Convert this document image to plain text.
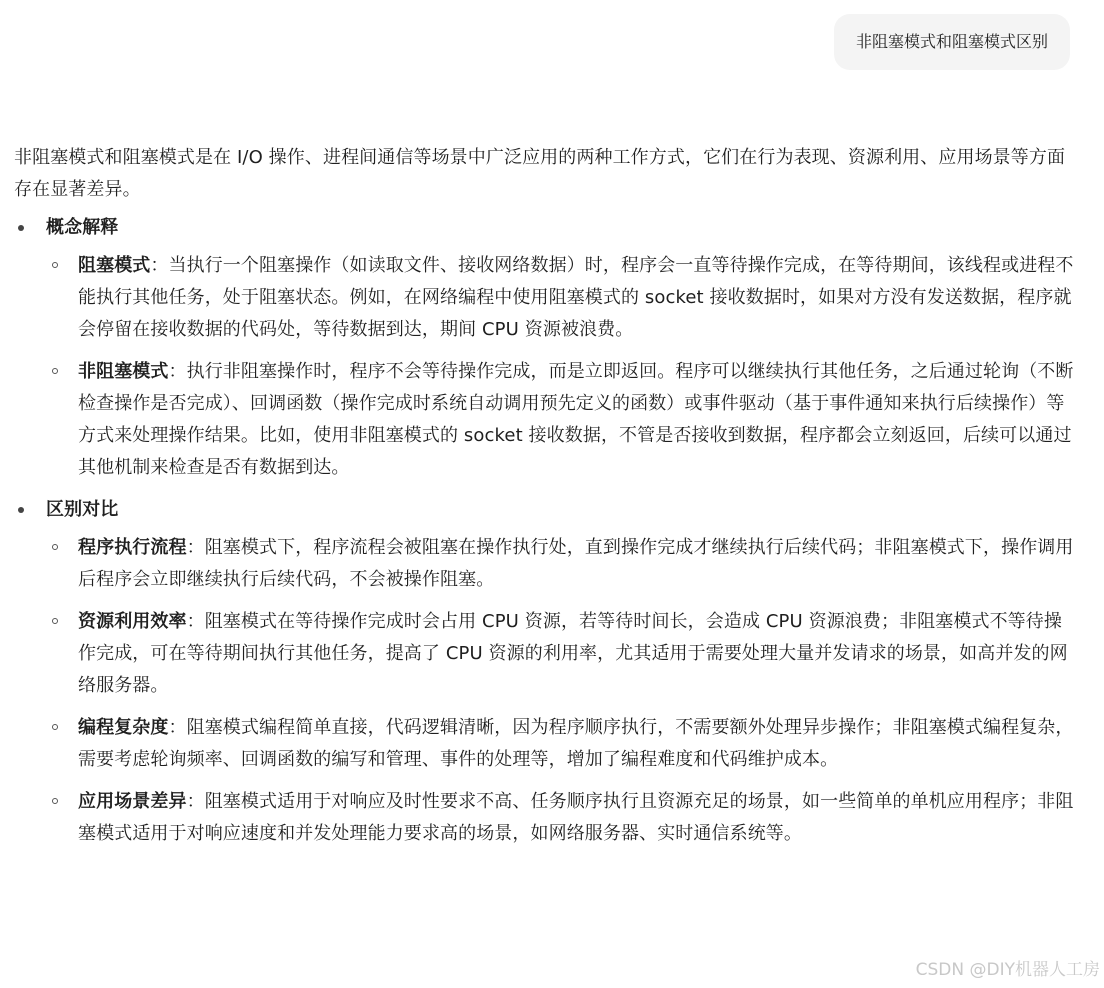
非阻塞模式和阻塞模式区别

非阻塞模式和阻塞模式是在 I/O 操作、进程间通信等场景中广泛应用的两种工作方式，它们在行为表现、资源利用、应用场景等方面存在显著差异。

概念解释
阻塞模式：当执行一个阻塞操作（如读取文件、接收网络数据）时，程序会一直等待操作完成，在等待期间，该线程或进程不能执行其他任务，处于阻塞状态。例如，在网络编程中使用阻塞模式的 socket 接收数据时，如果对方没有发送数据，程序就会停留在接收数据的代码处，等待数据到达，期间 CPU 资源被浪费。
非阻塞模式：执行非阻塞操作时，程序不会等待操作完成，而是立即返回。程序可以继续执行其他任务，之后通过轮询（不断检查操作是否完成）、回调函数（操作完成时系统自动调用预先定义的函数）或事件驱动（基于事件通知来执行后续操作）等方式来处理操作结果。比如，使用非阻塞模式的 socket 接收数据，不管是否接收到数据，程序都会立刻返回，后续可以通过其他机制来检查是否有数据到达。
区别对比
程序执行流程：阻塞模式下，程序流程会被阻塞在操作执行处，直到操作完成才继续执行后续代码；非阻塞模式下，操作调用后程序会立即继续执行后续代码，不会被操作阻塞。
资源利用效率：阻塞模式在等待操作完成时会占用 CPU 资源，若等待时间长，会造成 CPU 资源浪费；非阻塞模式不等待操作完成，可在等待期间执行其他任务，提高了 CPU 资源的利用率，尤其适用于需要处理大量并发请求的场景，如高并发的网络服务器。
编程复杂度：阻塞模式编程简单直接，代码逻辑清晰，因为程序顺序执行，不需要额外处理异步操作；非阻塞模式编程复杂，需要考虑轮询频率、回调函数的编写和管理、事件的处理等，增加了编程难度和代码维护成本。
应用场景差异：阻塞模式适用于对响应及时性要求不高、任务顺序执行且资源充足的场景，如一些简单的单机应用程序；非阻塞模式适用于对响应速度和并发处理能力要求高的场景，如网络服务器、实时通信系统等。
CSDN @DIY机器人工房
